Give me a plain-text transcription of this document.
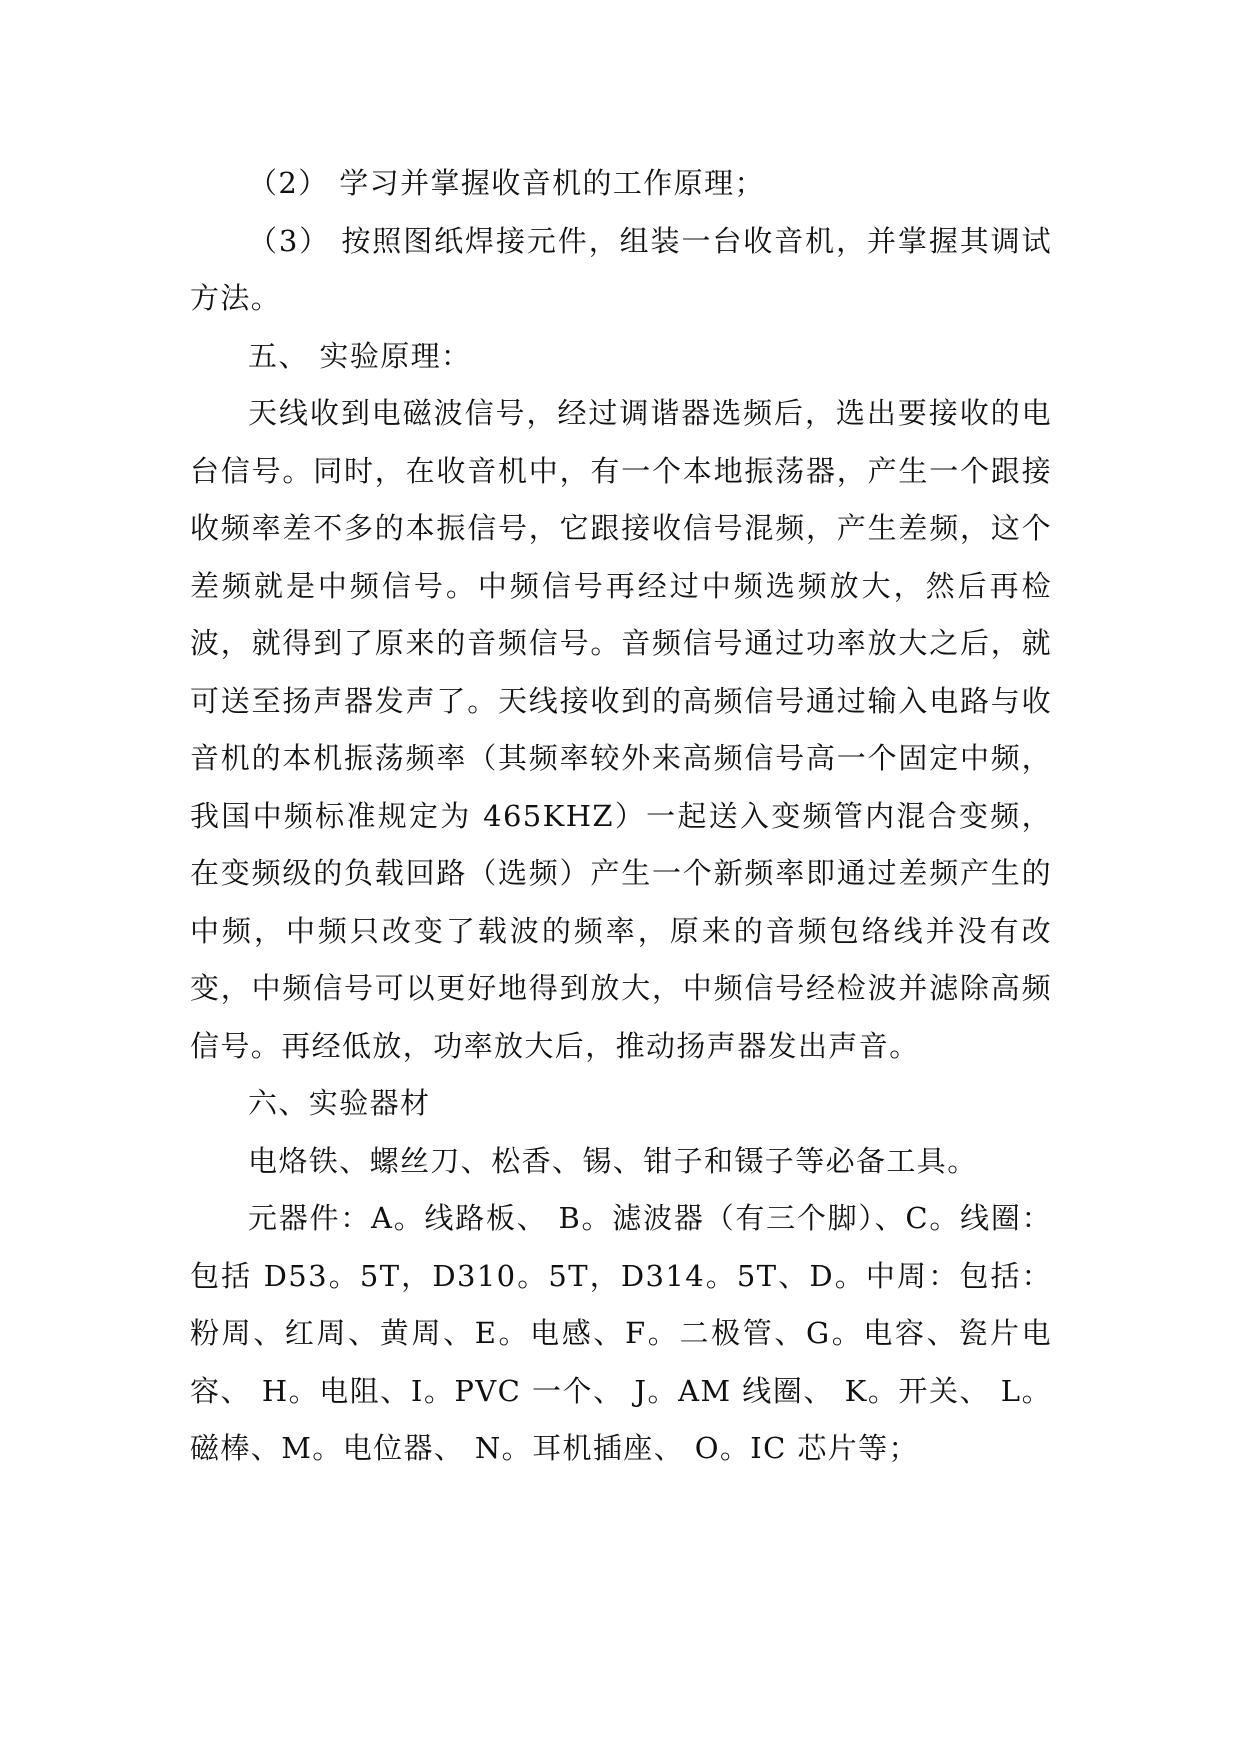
（2） 学习并掌握收音机的工作原理；

（3） 按照图纸焊接元件，组装一台收音机，并掌握其调试方法。

五、 实验原理：

天线收到电磁波信号，经过调谐器选频后，选出要接收的电台信号。同时，在收音机中，有一个本地振荡器，产生一个跟接收频率差不多的本振信号，它跟接收信号混频，产生差频，这个差频就是中频信号。中频信号再经过中频选频放大，然后再检波，就得到了原来的音频信号。音频信号通过功率放大之后，就可送至扬声器发声了。天线接收到的高频信号通过输入电路与收音机的本机振荡频率（其频率较外来高频信号高一个固定中频，我国中频标准规定为 465KHZ）一起送入变频管内混合变频，在变频级的负载回路（选频）产生一个新频率即通过差频产生的中频，中频只改变了载波的频率，原来的音频包络线并没有改变，中频信号可以更好地得到放大，中频信号经检波并滤除高频信号。再经低放，功率放大后，推动扬声器发出声音。

六、实验器材

电烙铁、螺丝刀、松香、锡、钳子和镊子等必备工具。

元器件：A。线路板、 B。滤波器（有三个脚）、C。线圈：包括 D53。5T，D310。5T，D314。5T、D。中周：包括：粉周、红周、黄周、E。电感、F。二极管、G。电容、瓷片电容、 H。电阻、I。PVC 一个、 J。AM 线圈、 K。开关、 L。磁棒、M。电位器、 N。耳机插座、 O。IC 芯片等；
